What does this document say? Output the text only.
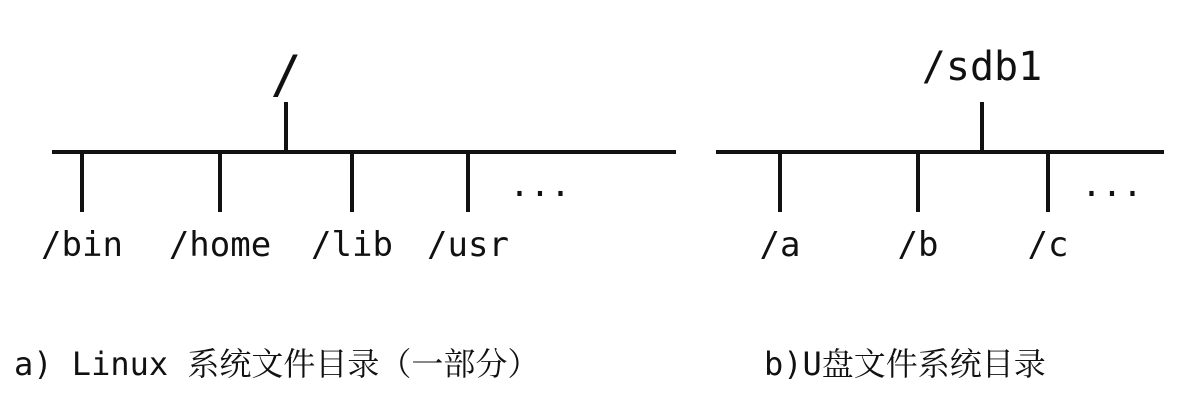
/
/bin /home /lib /usr
...
/sdb1
/a	/b	/c
...
a) Linux 系统文件目录（一部分）	b)U盘文件系统目录
